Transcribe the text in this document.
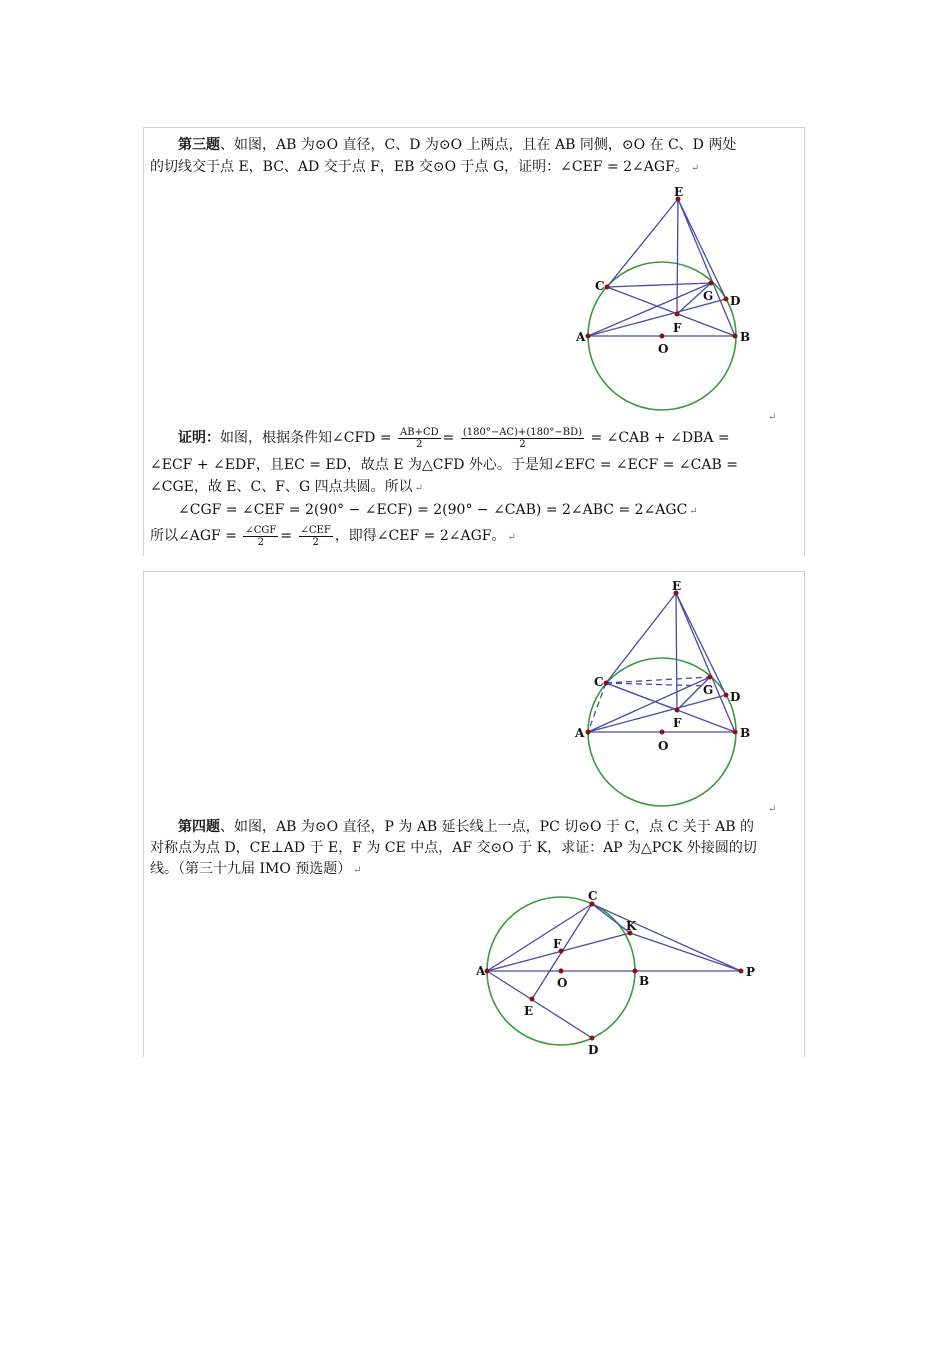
第三题、如图，AB 为⊙O 直径，C、D 为⊙O 上两点，且在 AB 同侧，⊙O 在 C、D 两处
的切线交于点 E，BC、AD 交于点 F，EB 交⊙O 于点 G，证明：∠CEF = 2∠AGF。 ↵
E
C
G D
F
A
O
B
↵
证明：如图，根据条件知∠CFD = $\frac{AB+CD}{2} = \frac{(180^\circ-AC)+(180^\circ-BD)}{2}$ = ∠CAB + ∠DBA =
∠ECF + ∠EDF，且EC = ED，故点 E 为△CFD 外心。于是知∠EFC = ∠ECF = ∠CAB =
∠CGE，故 E、C、F、G 四点共圆。所以 ↵
∠CGF = ∠CEF = 2(90° − ∠ECF) = 2(90° − ∠CAB) = 2∠ABC = 2∠AGC ↵
所以∠AGF = $\frac{\text{∠CGF}}{2} = \frac{\text{∠CEF}}{2}$ ，即得∠CEF = 2∠AGF。 ↵
E
C
G D
F
A
O
B
↵
第四题、如图，AB 为⊙O 直径，P 为 AB 延长线上一点，PC 切⊙O 于 C，点 C 关于 AB 的
对称点为点 D，CE⊥AD 于 E，F 为 CE 中点，AF 交⊙O 于 K，求证：AP 为△PCK 外接圆的切
线。（第三十九届 IMO 预选题） ↵
C
K
F
A
O	B
P
E
D
